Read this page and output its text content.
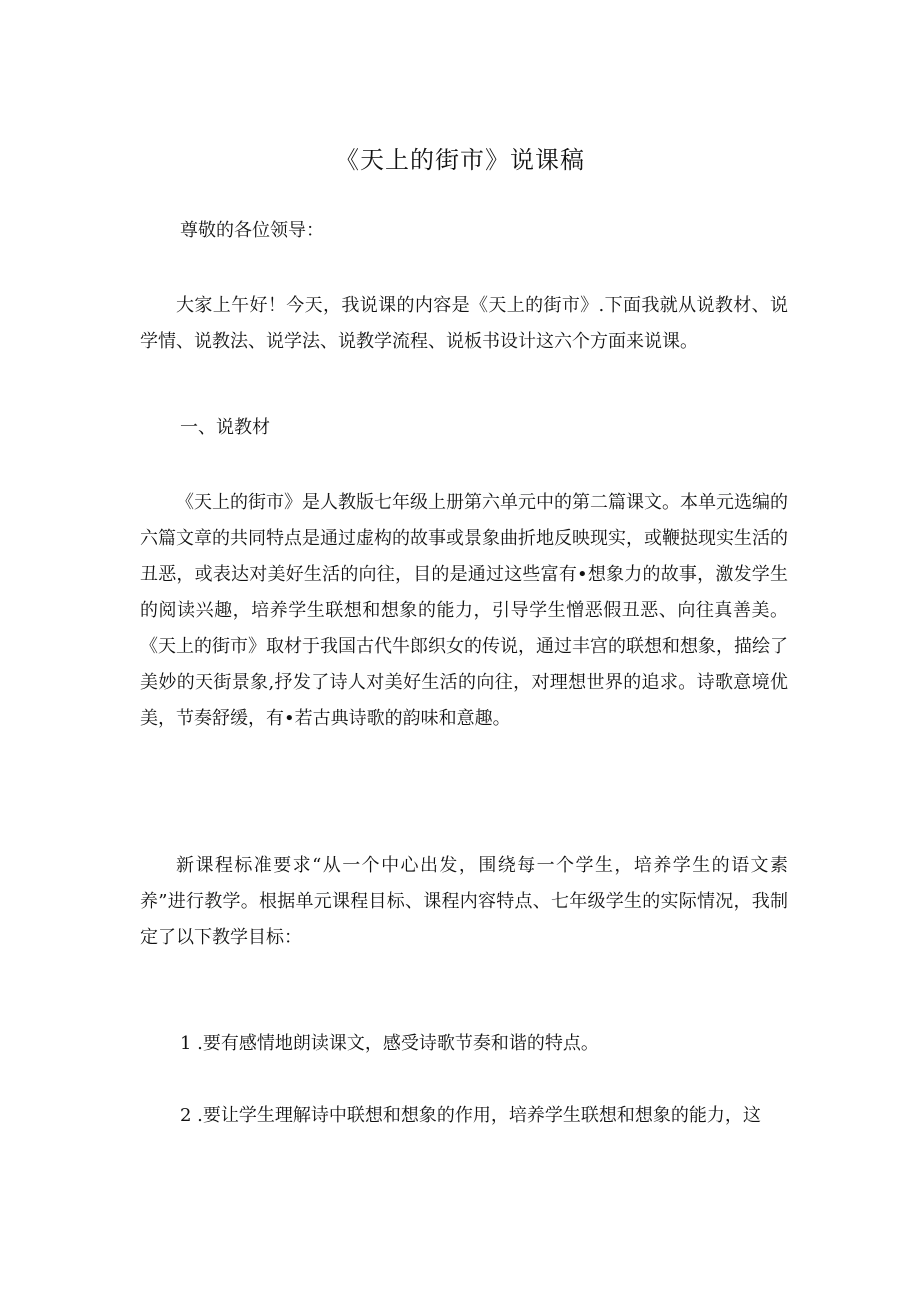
《天上的街市》说课稿
尊敬的各位领导：
大家上午好！今天，我说课的内容是《天上的街市》.下面我就从说教材、说学情、说教法、说学法、说教学流程、说板书设计这六个方面来说课。
一、说教材
《天上的街市》是人教版七年级上册第六单元中的第二篇课文。本单元选编的六篇文章的共同特点是通过虚构的故事或景象曲折地反映现实，或鞭挞现实生活的丑恶，或表达对美好生活的向往，目的是通过这些富有•想象力的故事，激发学生的阅读兴趣，培养学生联想和想象的能力，引导学生憎恶假丑恶、向往真善美。《天上的街市》取材于我国古代牛郎织女的传说，通过丰宫的联想和想象，描绘了美妙的天街景象,抒发了诗人对美好生活的向往，对理想世界的追求。诗歌意境优美，节奏舒缓，有•若古典诗歌的韵味和意趣。
新课程标准要求“从一个中心出发，围绕每一个学生，培养学生的语文素养”进行教学。根据单元课程目标、课程内容特点、七年级学生的实际情况，我制定了以下教学目标：
1 .要有感情地朗读课文，感受诗歌节奏和谐的特点。
2 .要让学生理解诗中联想和想象的作用，培养学生联想和想象的能力，这
